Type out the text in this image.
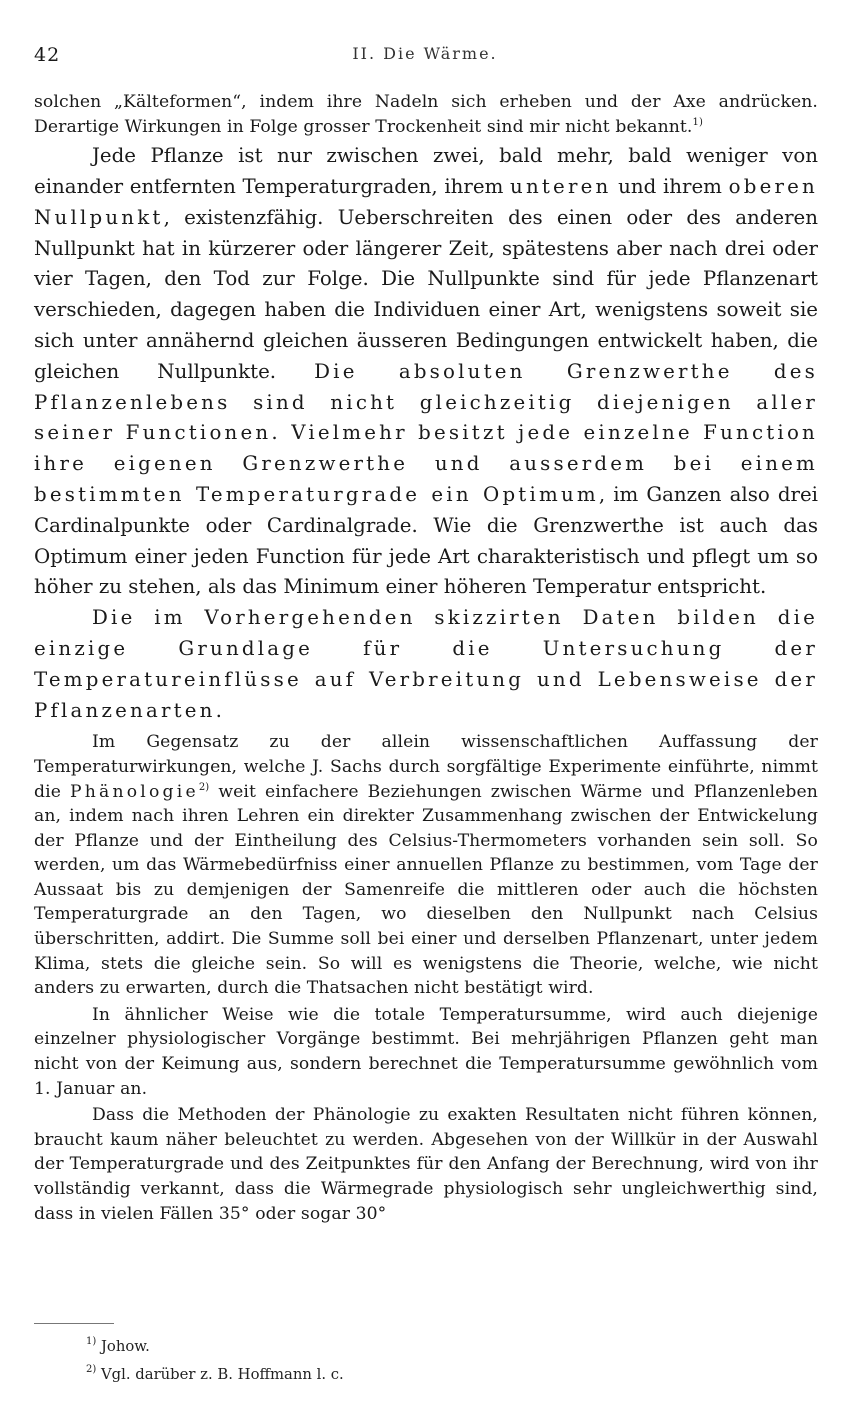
42	II. Die Wärme.

solchen „Kälteformen“, indem ihre Nadeln sich erheben und der Axe andrücken. Derartige Wirkungen in Folge grosser Trockenheit sind mir nicht bekannt.$^{1)}$

Jede Pflanze ist nur zwischen zwei, bald mehr, bald weniger von einander entfernten Temperaturgraden, ihrem unteren und ihrem oberen Nullpunkt, existenzfähig. Ueberschreiten des einen oder des anderen Nullpunkt hat in kürzerer oder längerer Zeit, spätestens aber nach drei oder vier Tagen, den Tod zur Folge. Die Nullpunkte sind für jede Pflanzenart verschieden, dagegen haben die Individuen einer Art, wenigstens soweit sie sich unter annähernd gleichen äusseren Bedingungen entwickelt haben, die gleichen Nullpunkte. Die absoluten Grenzwerthe des Pflanzenlebens sind nicht gleichzeitig diejenigen aller seiner Functionen. Vielmehr besitzt jede einzelne Function ihre eigenen Grenzwerthe und ausserdem bei einem bestimmten Temperaturgrade ein Optimum, im Ganzen also drei Cardinalpunkte oder Cardinalgrade. Wie die Grenzwerthe ist auch das Optimum einer jeden Function für jede Art charakteristisch und pflegt um so höher zu stehen, als das Minimum einer höheren Temperatur entspricht.

Die im Vorhergehenden skizzirten Daten bilden die einzige Grundlage für die Untersuchung der Temperatureinflüsse auf Verbreitung und Lebensweise der Pflanzenarten.

Im Gegensatz zu der allein wissenschaftlichen Auffassung der Temperaturwirkungen, welche J. Sachs durch sorgfältige Experimente einführte, nimmt die Phänologie$^{2)}$ weit einfachere Beziehungen zwischen Wärme und Pflanzenleben an, indem nach ihren Lehren ein direkter Zusammenhang zwischen der Entwickelung der Pflanze und der Eintheilung des Celsius-Thermometers vorhanden sein soll. So werden, um das Wärmebedürfniss einer annuellen Pflanze zu bestimmen, vom Tage der Aussaat bis zu demjenigen der Samenreife die mittleren oder auch die höchsten Temperaturgrade an den Tagen, wo dieselben den Nullpunkt nach Celsius überschritten, addirt. Die Summe soll bei einer und derselben Pflanzenart, unter jedem Klima, stets die gleiche sein. So will es wenigstens die Theorie, welche, wie nicht anders zu erwarten, durch die Thatsachen nicht bestätigt wird.

In ähnlicher Weise wie die totale Temperatursumme, wird auch diejenige einzelner physiologischer Vorgänge bestimmt. Bei mehrjährigen Pflanzen geht man nicht von der Keimung aus, sondern berechnet die Temperatursumme gewöhnlich vom 1. Januar an.

Dass die Methoden der Phänologie zu exakten Resultaten nicht führen können, braucht kaum näher beleuchtet zu werden. Abgesehen von der Willkür in der Auswahl der Temperaturgrade und des Zeitpunktes für den Anfang der Berechnung, wird von ihr vollständig verkannt, dass die Wärmegrade physiologisch sehr ungleichwerthig sind, dass in vielen Fällen 35° oder sogar 30°

$^{1)}$ Johow.
$^{2)}$ Vgl. darüber z. B. Hoffmann l. c.
